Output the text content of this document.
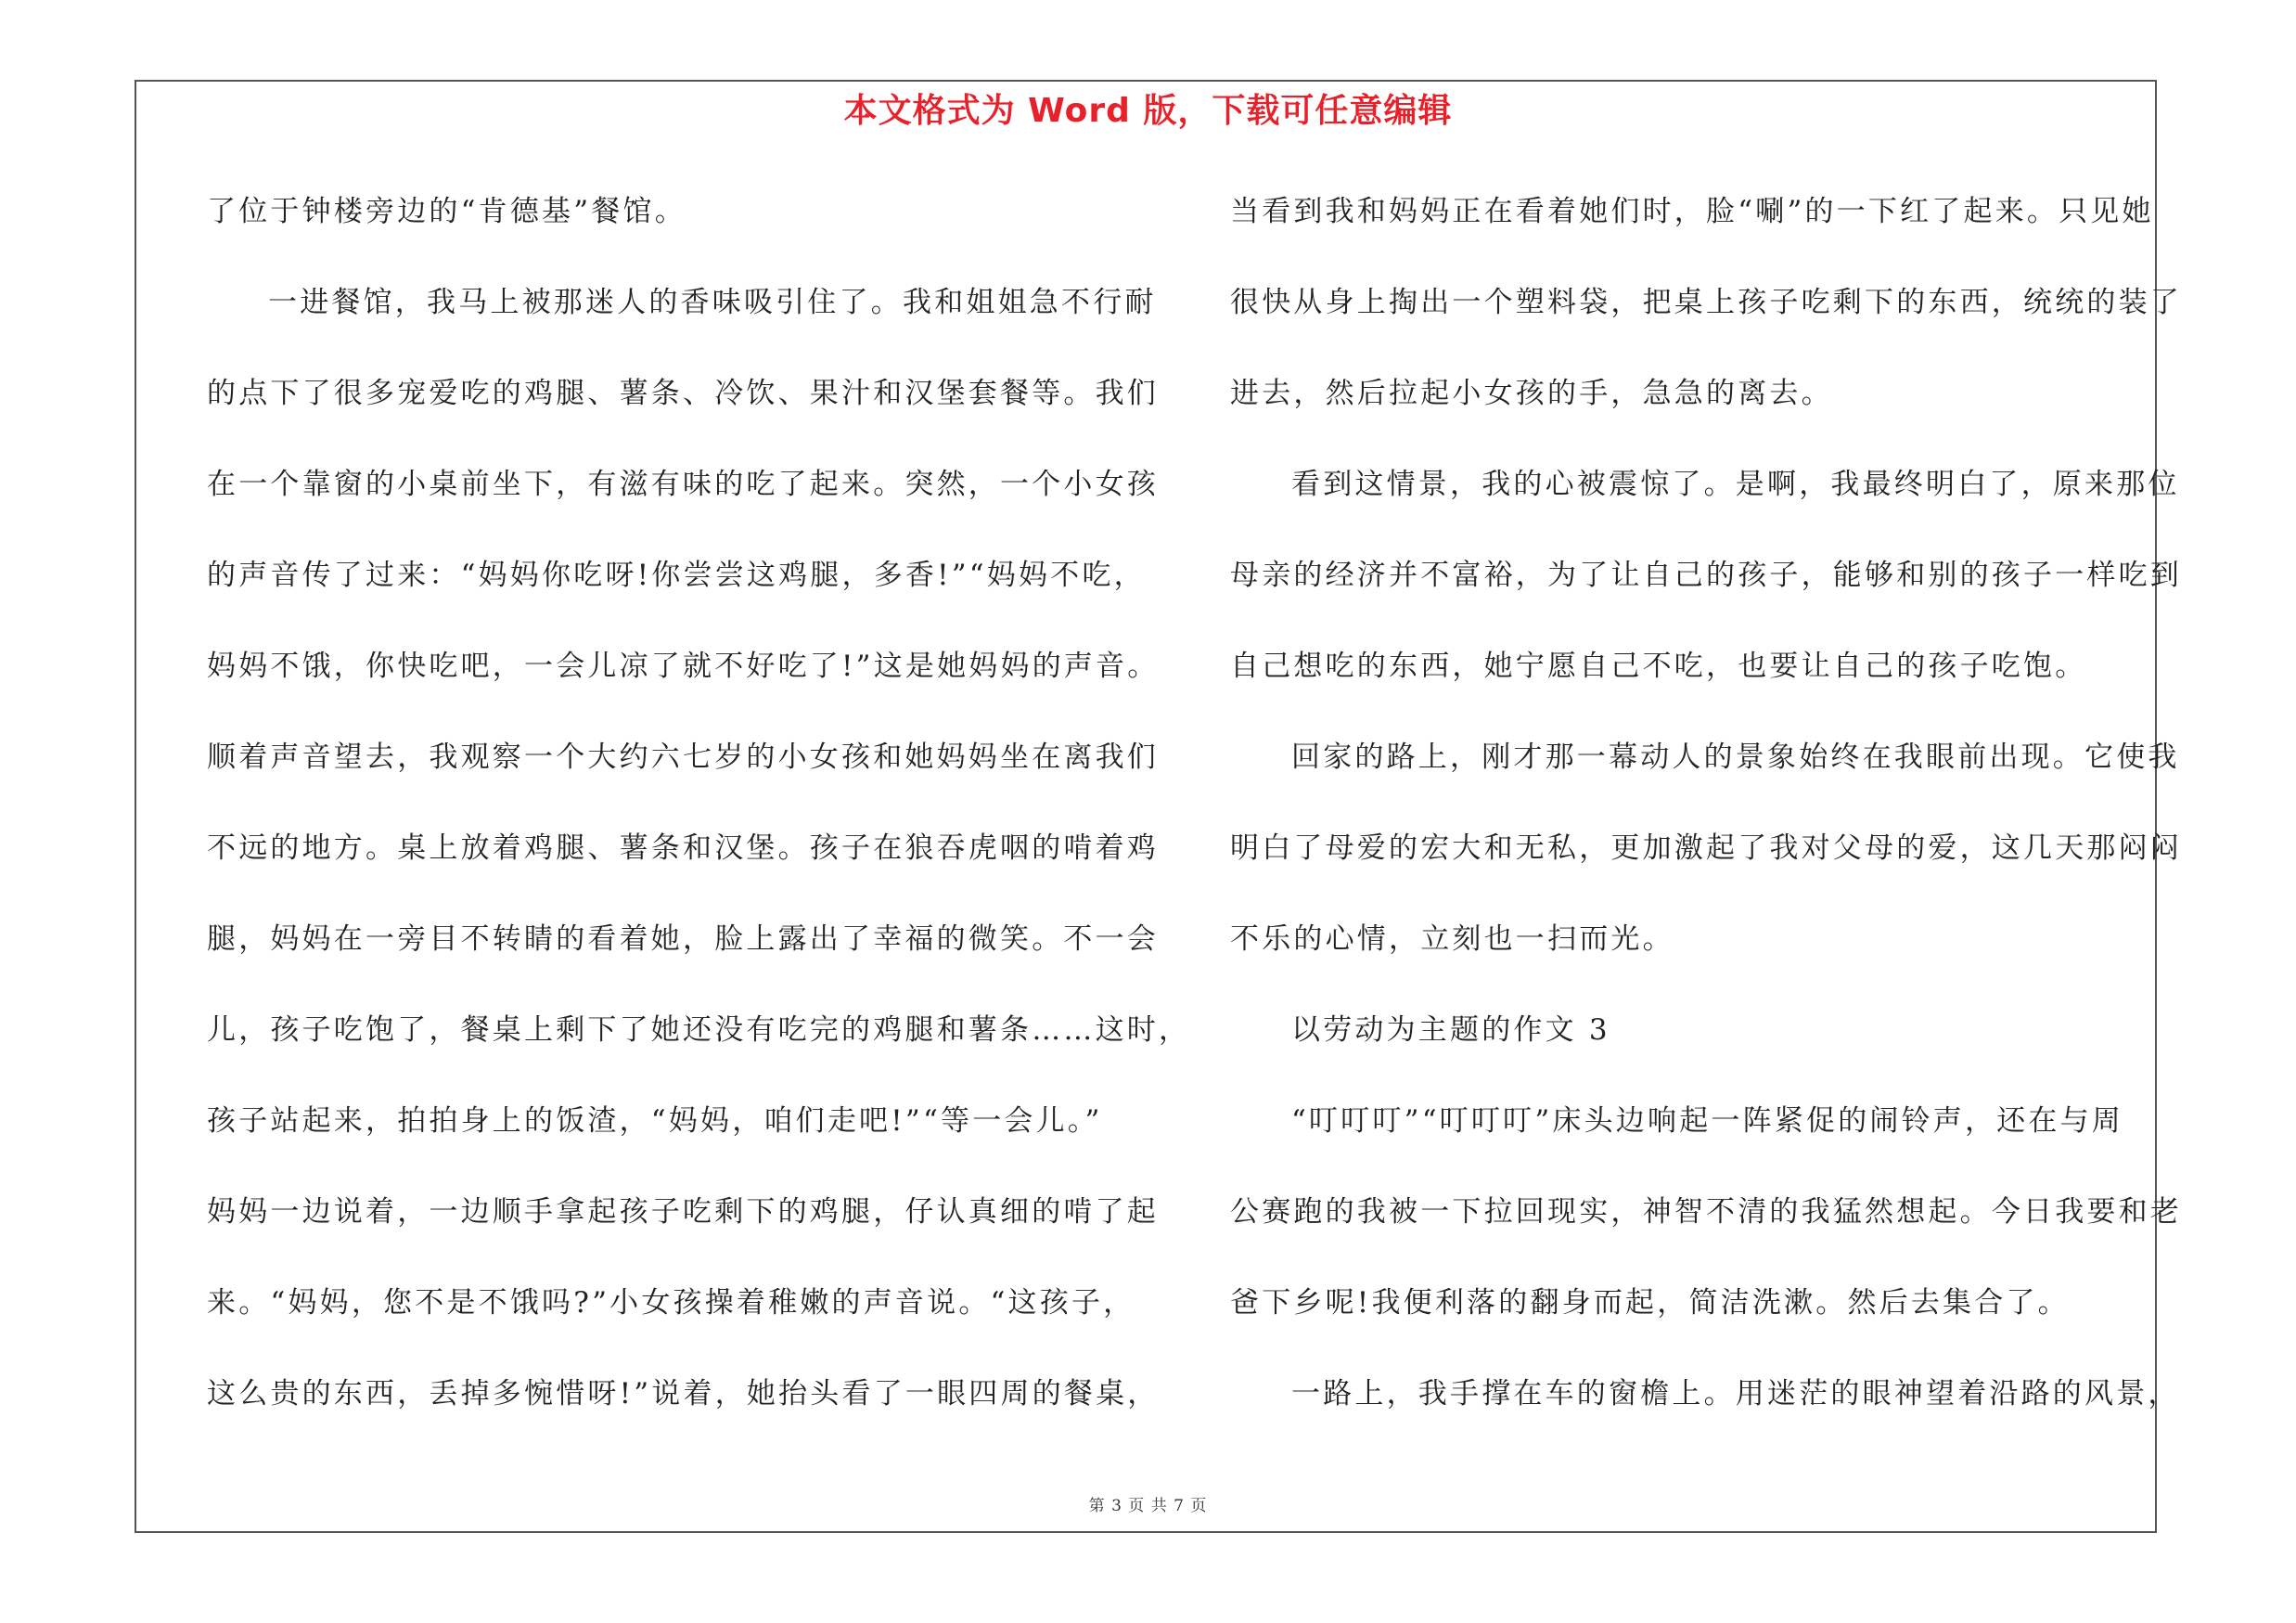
本文格式为 Word 版，下载可任意编辑
了位于钟楼旁边的“肯德基”餐馆。
一进餐馆，我马上被那迷人的香味吸引住了。我和姐姐急不行耐
的点下了很多宠爱吃的鸡腿、薯条、冷饮、果汁和汉堡套餐等。我们
在一个靠窗的小桌前坐下，有滋有味的吃了起来。突然，一个小女孩
的声音传了过来：“妈妈你吃呀!你尝尝这鸡腿，多香!”“妈妈不吃，
妈妈不饿，你快吃吧，一会儿凉了就不好吃了!”这是她妈妈的声音。
顺着声音望去，我观察一个大约六七岁的小女孩和她妈妈坐在离我们
不远的地方。桌上放着鸡腿、薯条和汉堡。孩子在狼吞虎咽的啃着鸡
腿，妈妈在一旁目不转睛的看着她，脸上露出了幸福的微笑。不一会
儿，孩子吃饱了，餐桌上剩下了她还没有吃完的鸡腿和薯条……这时，
孩子站起来，拍拍身上的饭渣，“妈妈，咱们走吧!”“等一会儿。”
妈妈一边说着，一边顺手拿起孩子吃剩下的鸡腿，仔认真细的啃了起
来。“妈妈，您不是不饿吗?”小女孩操着稚嫩的声音说。“这孩子，
这么贵的东西，丢掉多惋惜呀!”说着，她抬头看了一眼四周的餐桌，
当看到我和妈妈正在看着她们时，脸“唰”的一下红了起来。只见她
很快从身上掏出一个塑料袋，把桌上孩子吃剩下的东西，统统的装了
进去，然后拉起小女孩的手，急急的离去。
看到这情景，我的心被震惊了。是啊，我最终明白了，原来那位
母亲的经济并不富裕，为了让自己的孩子，能够和别的孩子一样吃到
自己想吃的东西，她宁愿自己不吃，也要让自己的孩子吃饱。
回家的路上，刚才那一幕动人的景象始终在我眼前出现。它使我
明白了母爱的宏大和无私，更加激起了我对父母的爱，这几天那闷闷
不乐的心情，立刻也一扫而光。
以劳动为主题的作文 3
“叮叮叮”“叮叮叮”床头边响起一阵紧促的闹铃声，还在与周
公赛跑的我被一下拉回现实，神智不清的我猛然想起。今日我要和老
爸下乡呢!我便利落的翻身而起，简洁洗漱。然后去集合了。
一路上，我手撑在车的窗檐上。用迷茫的眼神望着沿路的风景，
第 3 页 共 7 页
